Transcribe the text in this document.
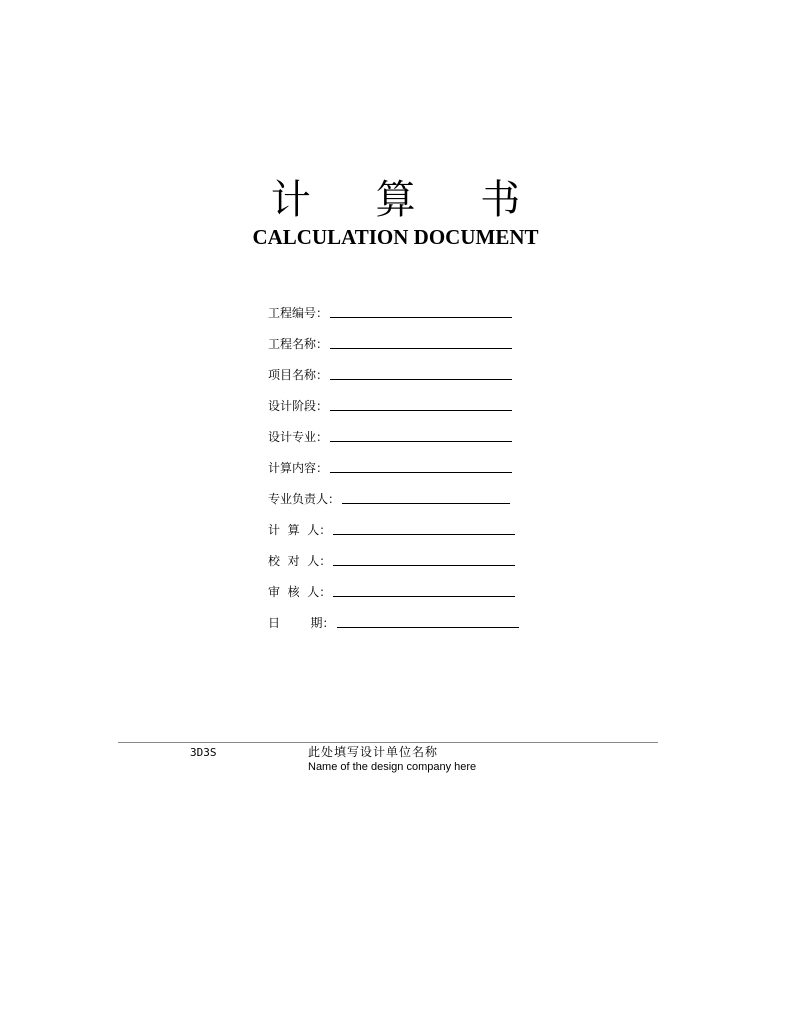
计 算 书
CALCULATION DOCUMENT
工程编号：
工程名称：
项目名称：
设计阶段：
设计专业：
计算内容：
专业负责人：
计  算  人：
校  对  人：
审  核  人：
日        期：
3D3S	此处填写设计单位名称
Name of the design company here
